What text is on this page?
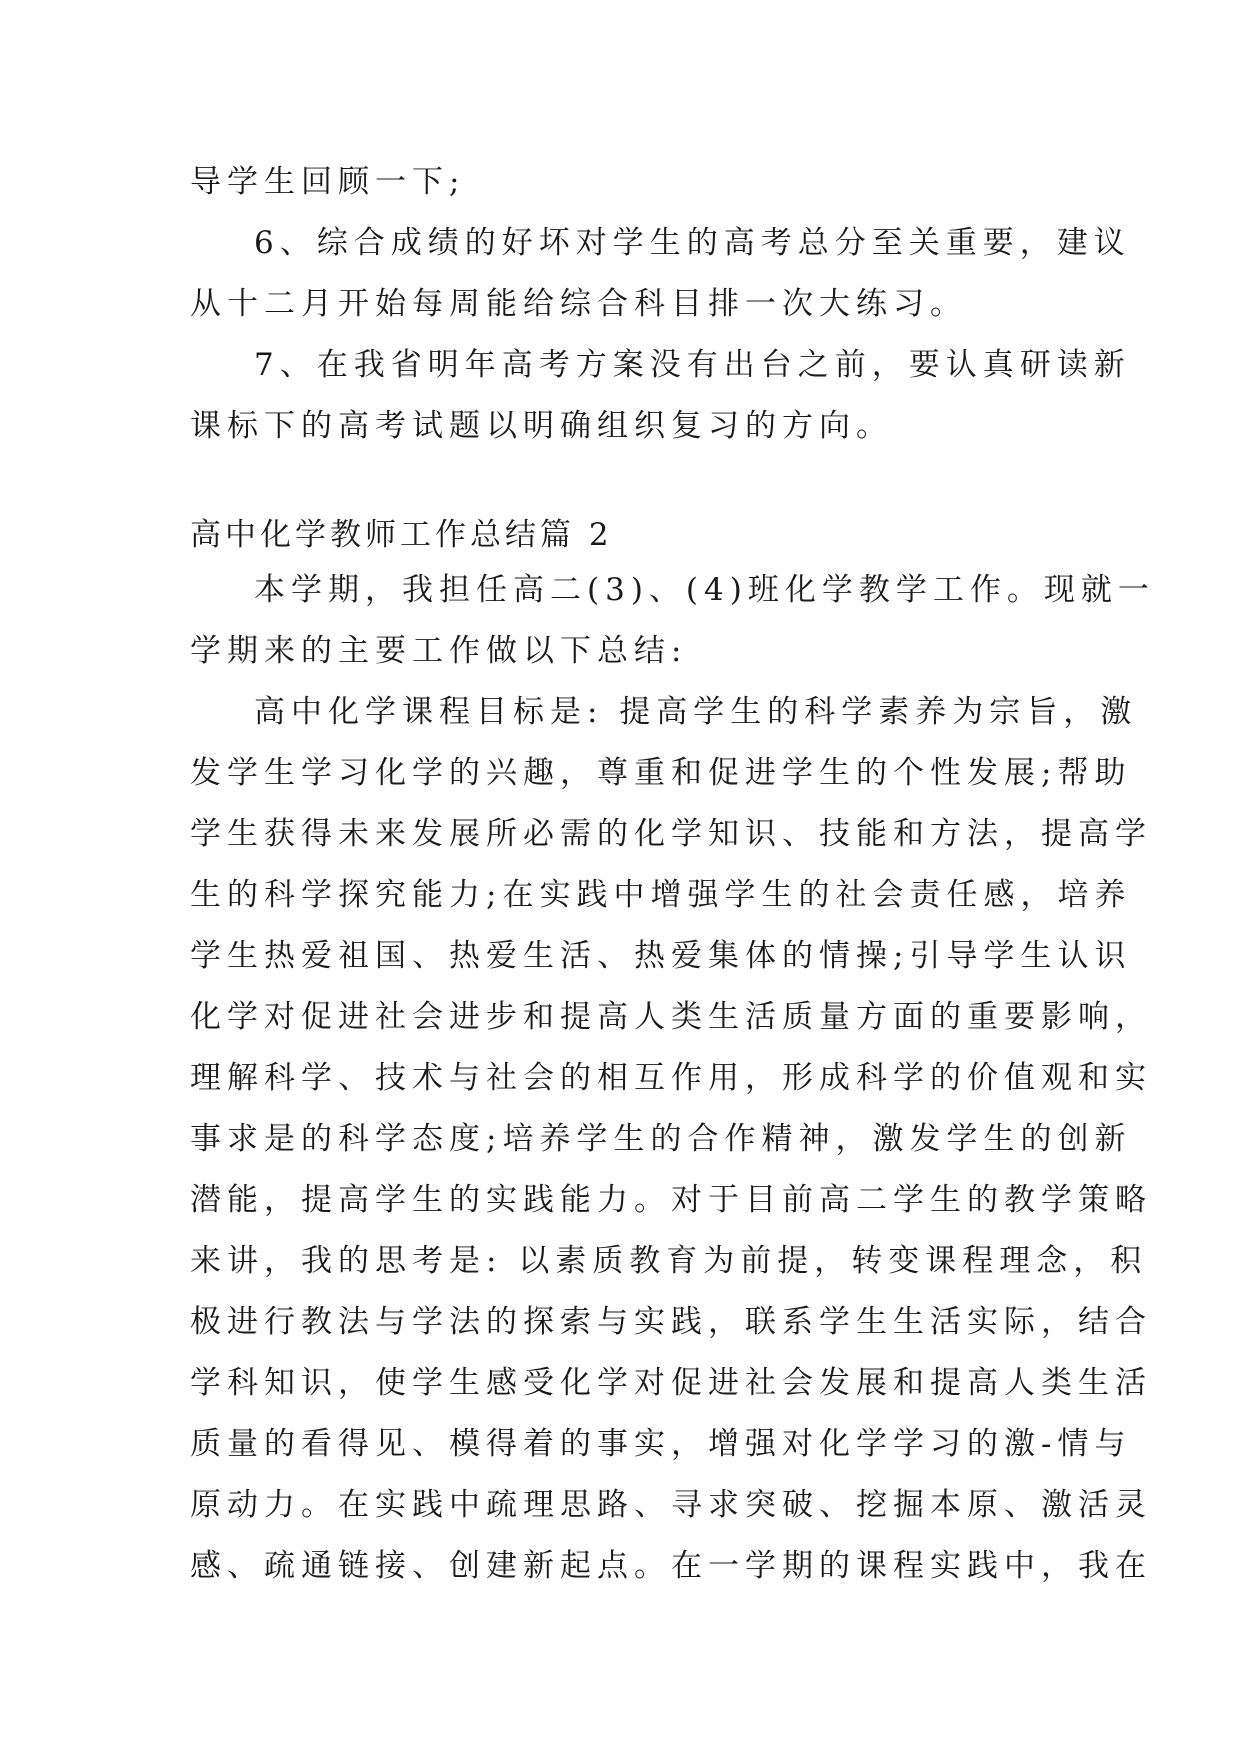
导学生回顾一下;
6、综合成绩的好坏对学生的高考总分至关重要，建议
从十二月开始每周能给综合科目排一次大练习。
7、在我省明年高考方案没有出台之前，要认真研读新
课标下的高考试题以明确组织复习的方向。
高中化学教师工作总结篇 2
本学期，我担任高二(3)、(4)班化学教学工作。现就一
学期来的主要工作做以下总结:
高中化学课程目标是: 提高学生的科学素养为宗旨，激
发学生学习化学的兴趣，尊重和促进学生的个性发展;帮助
学生获得未来发展所必需的化学知识、技能和方法，提高学
生的科学探究能力;在实践中增强学生的社会责任感，培养
学生热爱祖国、热爱生活、热爱集体的情操;引导学生认识
化学对促进社会进步和提高人类生活质量方面的重要影响，
理解科学、技术与社会的相互作用，形成科学的价值观和实
事求是的科学态度;培养学生的合作精神，激发学生的创新
潜能，提高学生的实践能力。对于目前高二学生的教学策略
来讲，我的思考是: 以素质教育为前提，转变课程理念，积
极进行教法与学法的探索与实践，联系学生生活实际，结合
学科知识，使学生感受化学对促进社会发展和提高人类生活
质量的看得见、模得着的事实，增强对化学学习的激-情与
原动力。在实践中疏理思路、寻求突破、挖掘本原、激活灵
感、疏通链接、创建新起点。在一学期的课程实践中，我在
